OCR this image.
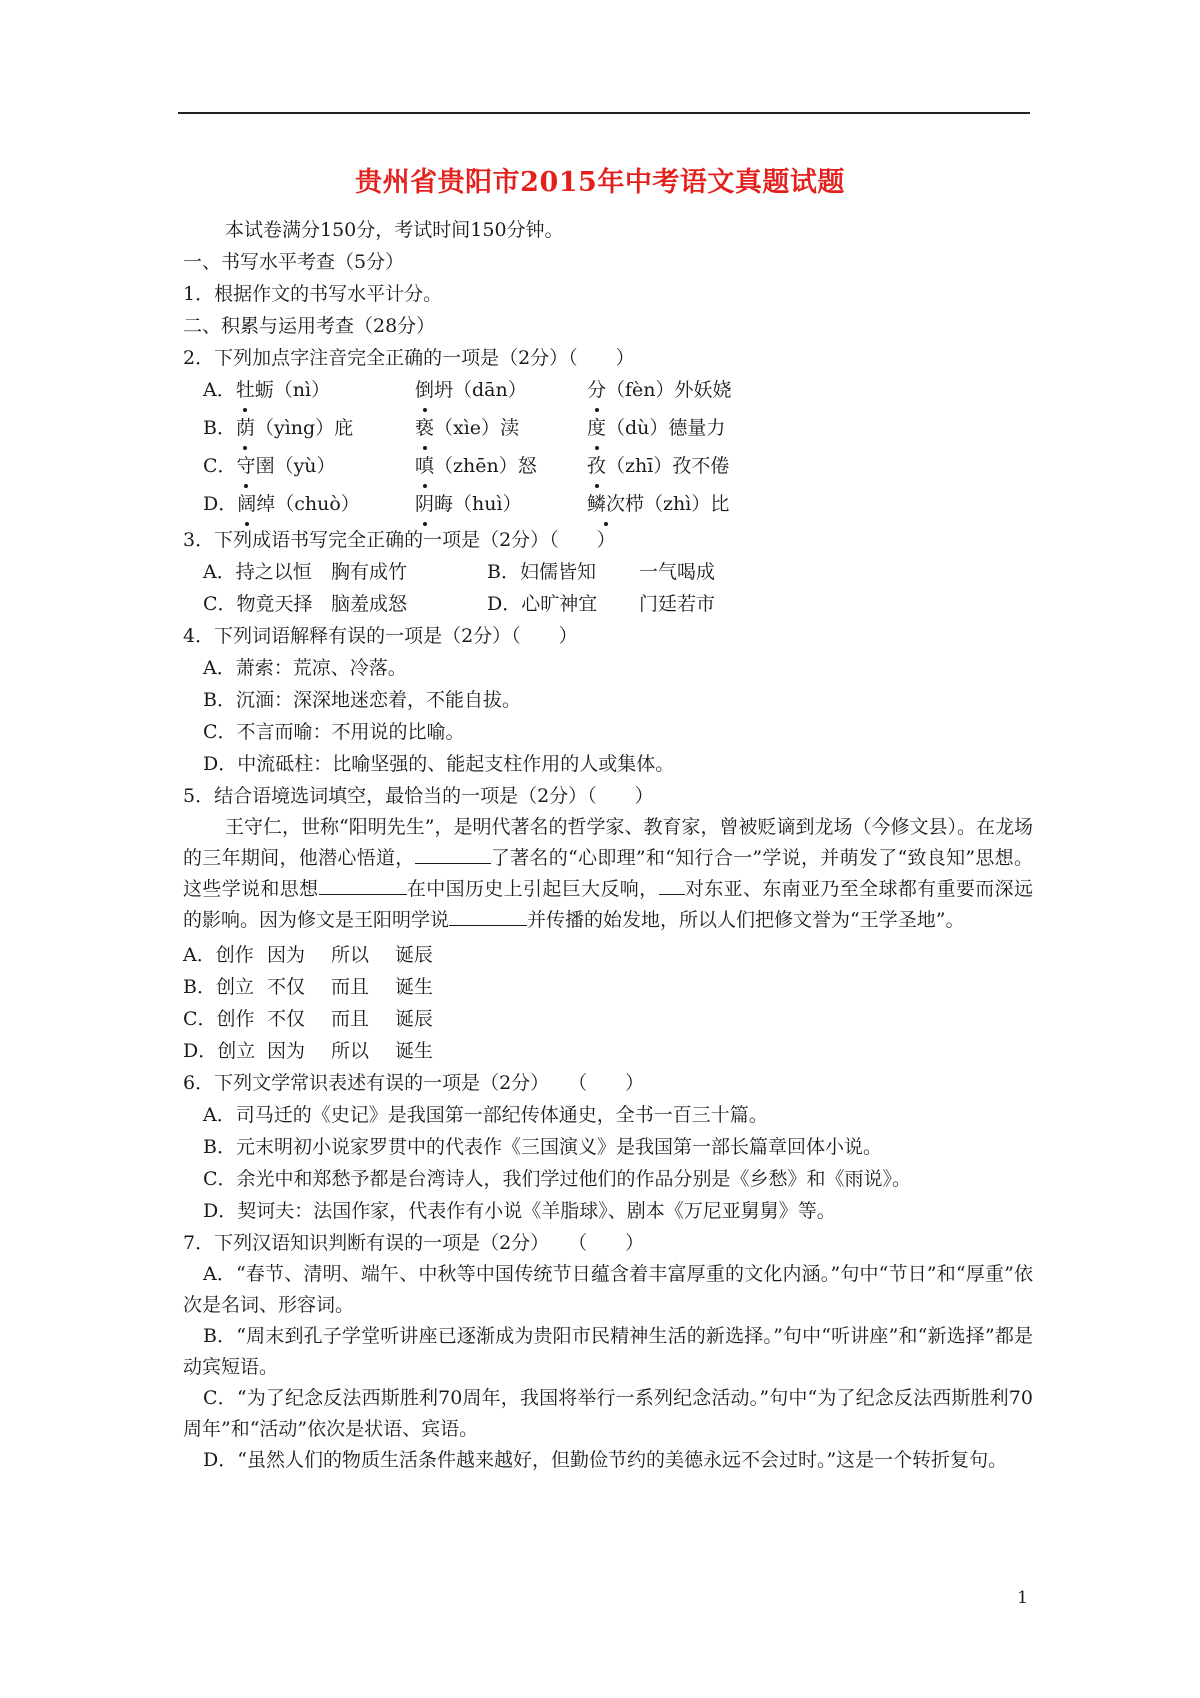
贵州省贵阳市2015年中考语文真题试题
本试卷满分150分，考试时间150分钟。
一、书写水平考查（5分）
1．根据作文的书写水平计分。
二、积累与运用考查（28分）
2．下列加点字注音完全正确的一项是（2分）（　　）
A．牡蛎（nì）	倒坍（dān）	分（fèn）外妖娆
B．荫（yìng）庇	亵（xìe）渎	度（dù）德量力
C．守圉（yù）	嗔（zhēn）怒	孜（zhī）孜不倦
D．阔绰（chuò）	阴晦（huì）	鳞次栉（zhì）比
3．下列成语书写完全正确的一项是（2分）（　　）
A．持之以恒	胸有成竹	B．妇儒皆知	一气喝成
C．物竟天择 脑羞成怒	D．心旷神宜	门廷若市
4．下列词语解释有误的一项是（2分）（　　）
A．萧索：荒凉、冷落。
B．沉湎：深深地迷恋着，不能自拔。
C．不言而喻：不用说的比喻。
D．中流砥柱：比喻坚强的、能起支柱作用的人或集体。
5．结合语境选词填空，最恰当的一项是（2分）（　　）
王守仁，世称“阳明先生”，是明代著名的哲学家、教育家，曾被贬谪到龙场（今修文县）。在龙场的三年期间，他潜心悟道，	了著名的“心即理”和“知行合一”学说，并萌发了“致良知”思想。这些学说和思想	在中国历史上引起巨大反响， 对东亚、东南亚乃至全球都有重要而深远的影响。因为修文是王阳明学说	并传播的始发地，所以人们把修文誉为“王学圣地”。
A．创作 因为	所以	诞辰
B．创立 不仅	而且	诞生
C．创作 不仅	而且	诞辰
D．创立 因为	所以	诞生
6．下列文学常识表述有误的一项是（2分）　　（　　）
A．司马迁的《史记》是我国第一部纪传体通史，全书一百三十篇。
B．元末明初小说家罗贯中的代表作《三国演义》是我国第一部长篇章回体小说。
C．余光中和郑愁予都是台湾诗人，我们学过他们的作品分别是《乡愁》和《雨说》。
D．契诃夫：法国作家，代表作有小说《羊脂球》、剧本《万尼亚舅舅》等。
7．下列汉语知识判断有误的一项是（2分）　　（　　）
A．“春节、清明、端午、中秋等中国传统节日蕴含着丰富厚重的文化内涵。”句中“节日”和“厚重”依次是名词、形容词。
B．“周末到孔子学堂听讲座已逐渐成为贵阳市民精神生活的新选择。”句中“听讲座”和“新选择”都是动宾短语。
C．“为了纪念反法西斯胜利70周年，我国将举行一系列纪念活动。”句中“为了纪念反法西斯胜利70周年”和“活动”依次是状语、宾语。
D．“虽然人们的物质生活条件越来越好，但勤俭节约的美德永远不会过时。”这是一个转折复句。
1
